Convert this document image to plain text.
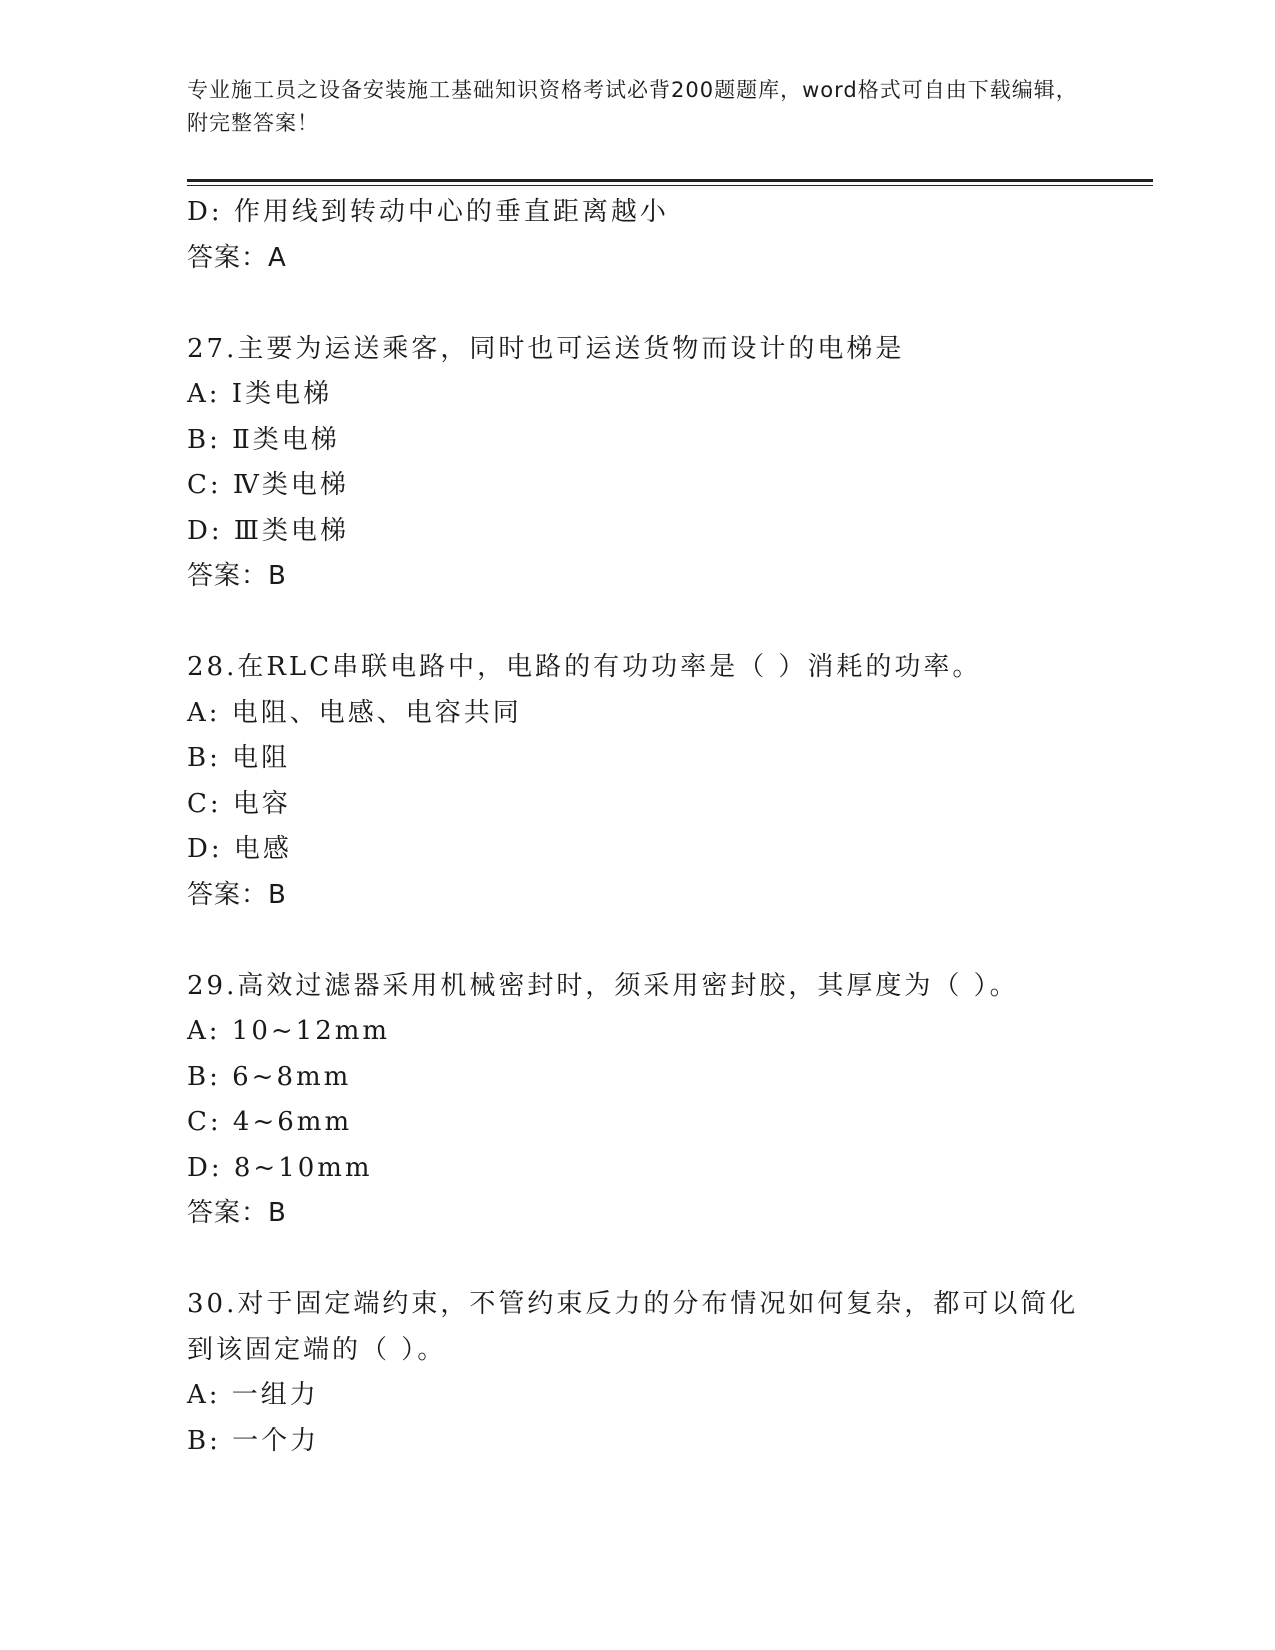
专业施工员之设备安装施工基础知识资格考试必背200题题库，word格式可自由下载编辑，附完整答案！
D: 作用线到转动中心的垂直距离越小
答案：A
27.主要为运送乘客，同时也可运送货物而设计的电梯是
A: Ⅰ类电梯
B: Ⅱ类电梯
C: Ⅳ类电梯
D: Ⅲ类电梯
答案：B
28.在RLC串联电路中，电路的有功功率是（ ）消耗的功率。
A: 电阻、电感、电容共同
B: 电阻
C: 电容
D: 电感
答案：B
29.高效过滤器采用机械密封时，须采用密封胶，其厚度为（ ）。
A: 10~12mm
B: 6~8mm
C: 4~6mm
D: 8~10mm
答案：B
30.对于固定端约束，不管约束反力的分布情况如何复杂，都可以简化到该固定端的（ ）。
A: 一组力
B: 一个力
